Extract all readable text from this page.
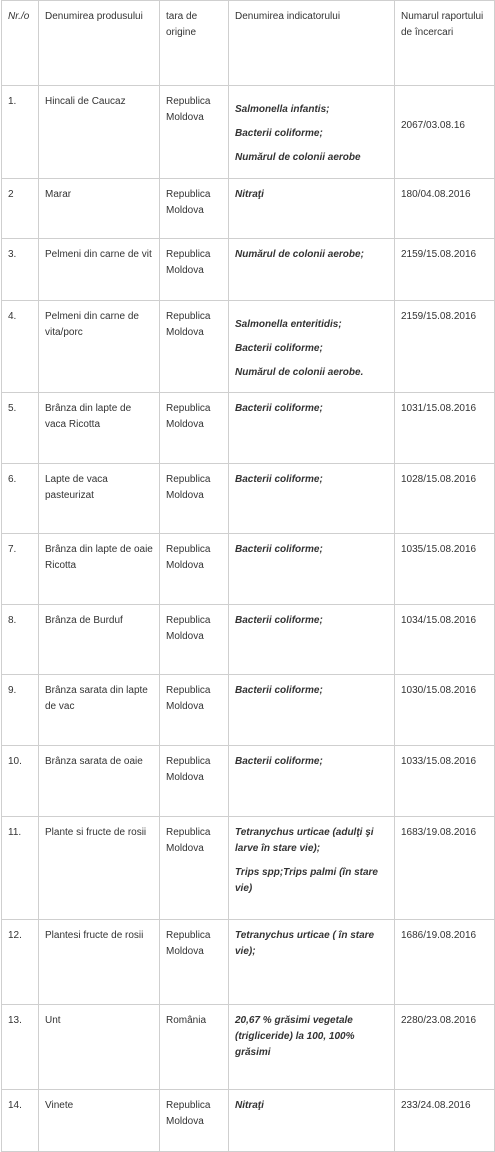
Nr./o	Denumirea produsului	tara de origine	Denumirea indicatorului	Numarul raportului de încercari
1.	Hincali de Caucaz	Republica Moldova	Salmonella infantis;
Bacterii coliforme;
Numărul de colonii aerobe	2067/03.08.16
2	Marar	Republica Moldova	Nitraţi	180/04.08.2016
3.	Pelmeni din carne de vit	Republica Moldova	Numărul de colonii aerobe;	2159/15.08.2016
4.	Pelmeni din carne de vita/porc	Republica Moldova	Salmonella enteritidis;
Bacterii coliforme;
Numărul de colonii aerobe.	2159/15.08.2016
5.	Brânza din lapte de vaca Ricotta	Republica Moldova	Bacterii coliforme;	1031/15.08.2016
6.	Lapte de vaca pasteurizat	Republica Moldova	Bacterii coliforme;	1028/15.08.2016
7.	Brânza din lapte de oaie Ricotta	Republica Moldova	Bacterii coliforme;	1035/15.08.2016
8.	Brânza de Burduf	Republica Moldova	Bacterii coliforme;	1034/15.08.2016
9.	Brânza sarata din lapte de vac	Republica Moldova	Bacterii coliforme;	1030/15.08.2016
10.	Brânza sarata de oaie	Republica Moldova	Bacterii coliforme;	1033/15.08.2016
11.	Plante si fructe de rosii	Republica Moldova	Tetranychus urticae (adulţi şi larve în stare vie);
Trips spp;Trips palmi (în stare vie)	1683/19.08.2016
12.	Plantesi fructe de rosii	Republica Moldova	Tetranychus urticae ( în stare vie);	1686/19.08.2016
13.	Unt	România	20,67 % grăsimi vegetale (trigliceride) la 100, 100% grăsimi	2280/23.08.2016
14.	Vinete	Republica Moldova	Nitraţi	233/24.08.2016
